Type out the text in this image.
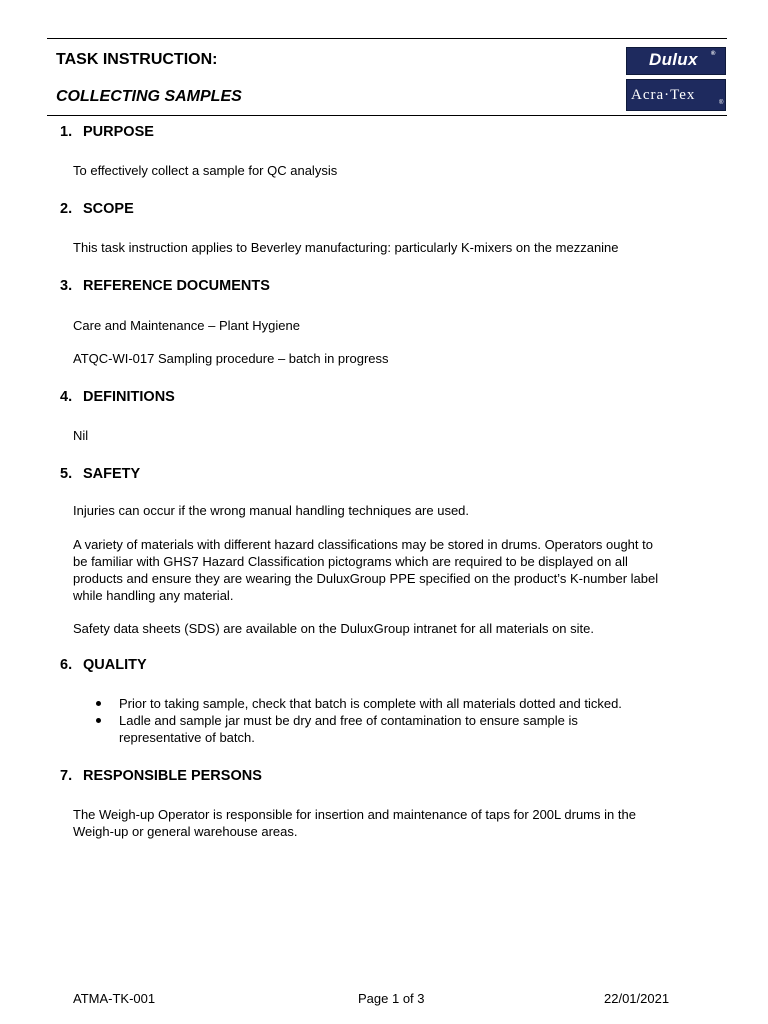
TASK INSTRUCTION:
COLLECTING SAMPLES
Dulux ®
Acra·Tex	®
1. PURPOSE
To effectively collect a sample for QC analysis
2. SCOPE
This task instruction applies to Beverley manufacturing: particularly K-mixers on the mezzanine
3. REFERENCE DOCUMENTS
Care and Maintenance – Plant Hygiene
ATQC-WI-017 Sampling procedure – batch in progress
4. DEFINITIONS
Nil
5. SAFETY
Injuries can occur if the wrong manual handling techniques are used.
A variety of materials with different hazard classifications may be stored in drums. Operators ought to be familiar with GHS7 Hazard Classification pictograms which are required to be displayed on all products and ensure they are wearing the DuluxGroup PPE specified on the product’s K-number label while handling any material.
Safety data sheets (SDS) are available on the DuluxGroup intranet for all materials on site.
6. QUALITY
Prior to taking sample, check that batch is complete with all materials dotted and ticked.
Ladle and sample jar must be dry and free of contamination to ensure sample is representative of batch.
7. RESPONSIBLE PERSONS
The Weigh-up Operator is responsible for insertion and maintenance of taps for 200L drums in the Weigh-up or general warehouse areas.
ATMA-TK-001	Page 1 of 3	22/01/2021
